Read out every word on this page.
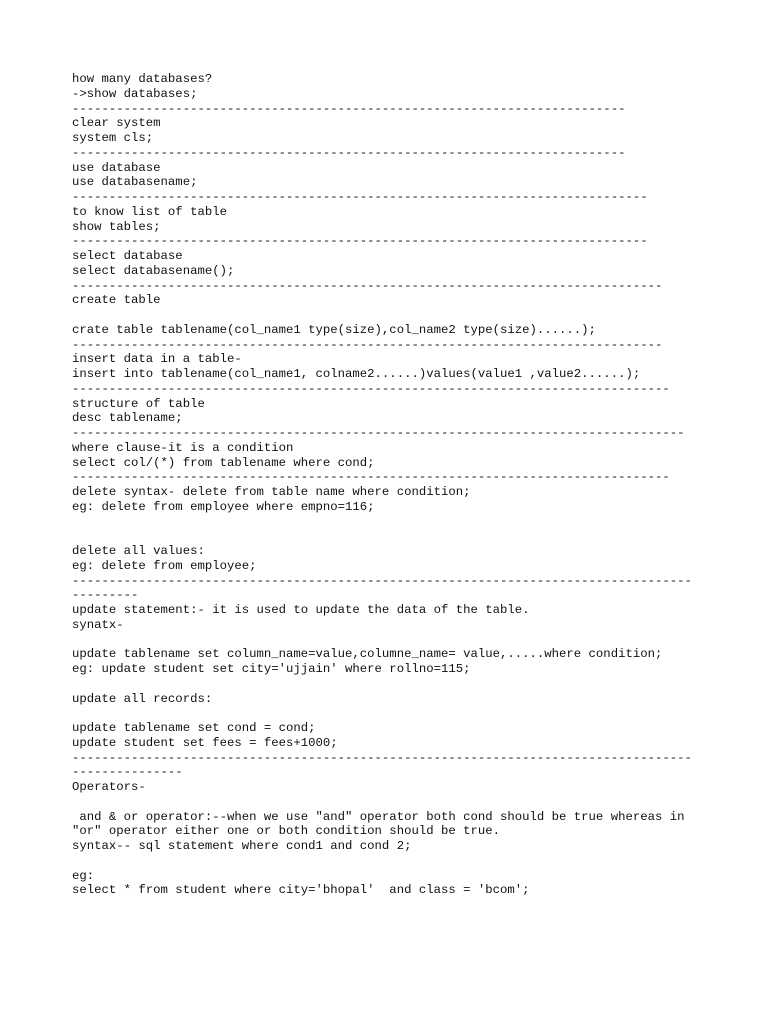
how many databases?
->show databases;
---------------------------------------------------------------------------
clear system
system cls;
---------------------------------------------------------------------------
use database
use databasename;
------------------------------------------------------------------------------
to know list of table
show tables;
------------------------------------------------------------------------------
select database
select databasename();
--------------------------------------------------------------------------------
create table
crate table tablename(col_name1 type(size),col_name2 type(size)......);
--------------------------------------------------------------------------------
insert data in a table-
insert into tablename(col_name1, colname2......)values(value1 ,value2......);
---------------------------------------------------------------------------------
structure of table
desc tablename;
-----------------------------------------------------------------------------------
where clause-it is a condition
select col/(*) from tablename where cond;
---------------------------------------------------------------------------------
delete syntax- delete from table name where condition;
eg: delete from employee where empno=116;
delete all values:
eg: delete from employee;
------------------------------------------------------------------------------------
---------
update statement:- it is used to update the data of the table.
synatx-
update tablename set column_name=value,columne_name= value,.....where condition;
eg: update student set city='ujjain' where rollno=115;
update all records:
update tablename set cond = cond;
update student set fees = fees+1000;
------------------------------------------------------------------------------------
---------------
Operators-
and & or operator:--when we use "and" operator both cond should be true whereas in
"or" operator either one or both condition should be true.
syntax-- sql statement where cond1 and cond 2;
eg:
select * from student where city='bhopal'  and class = 'bcom';
